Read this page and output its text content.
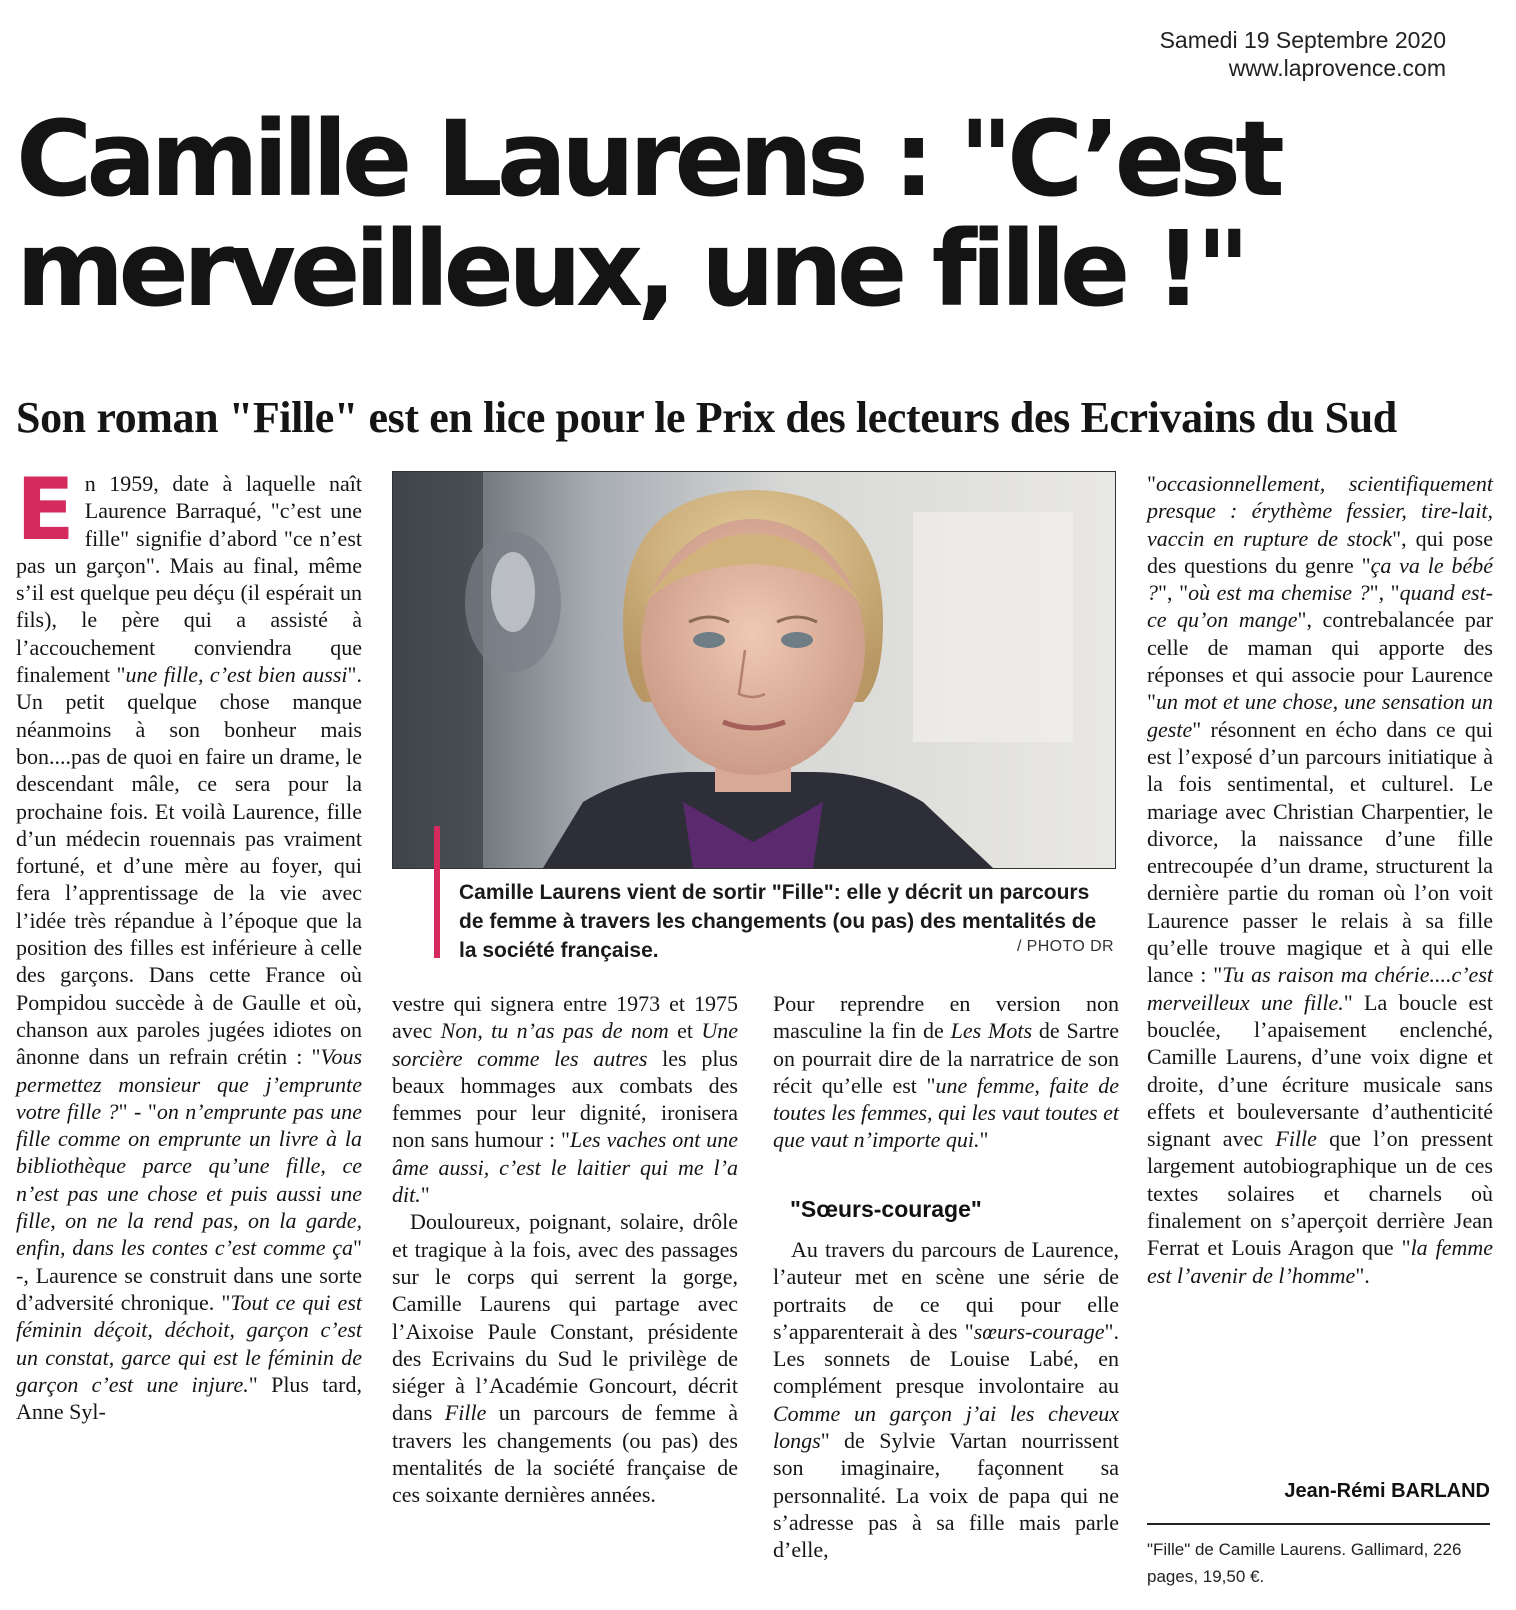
Samedi 19 Septembre 2020
www.laprovence.com
Camille Laurens : "C’est
merveilleux, une fille !"
Son roman "Fille" est en lice pour le Prix des lecteurs des Ecrivains du Sud

En 1959, date à laquelle naît Laurence Barraqué, "c’est une fille" signifie d’abord "ce n’est pas un garçon". Mais au final, même s’il est quelque peu déçu (il espérait un fils), le père qui a assisté à l’accouchement conviendra que finalement "une fille, c’est bien aussi". Un petit quelque chose manque néanmoins à son bonheur mais bon....pas de quoi en faire un drame, le descendant mâle, ce sera pour la prochaine fois. Et voilà Laurence, fille d’un médecin rouennais pas vraiment fortuné, et d’une mère au foyer, qui fera l’apprentissage de la vie avec l’idée très répandue à l’époque que la position des filles est inférieure à celle des garçons. Dans cette France où Pompidou succède à de Gaulle et où, chanson aux paroles jugées idiotes on ânonne dans un refrain crétin : "Vous permettez monsieur que j’emprunte votre fille ?" - "on n’emprunte pas une fille comme on emprunte un livre à la bibliothèque parce qu’une fille, ce n’est pas une chose et puis aussi une fille, on ne la rend pas, on la garde, enfin, dans les contes c’est comme ça" -, Laurence se construit dans une sorte d’adversité chronique. "Tout ce qui est féminin déçoit, déchoit, garçon c’est un constat, garce qui est le féminin de garçon c’est une injure." Plus tard, Anne Syl-

Camille Laurens vient de sortir "Fille": elle y décrit un parcours de femme à travers les changements (ou pas) des mentalités de la société française.	/ PHOTO DR

vestre qui signera entre 1973 et 1975 avec Non, tu n’as pas de nom et Une sorcière comme les autres les plus beaux hommages aux combats des femmes pour leur dignité, ironisera non sans humour : "Les vaches ont une âme aussi, c’est le laitier qui me l’a dit."

Douloureux, poignant, solaire, drôle et tragique à la fois, avec des passages sur le corps qui serrent la gorge, Camille Laurens qui partage avec l’Aixoise Paule Constant, présidente des Ecrivains du Sud le privilège de siéger à l’Académie Goncourt, décrit dans Fille un parcours de femme à travers les changements (ou pas) des mentalités de la société française de ces soixante dernières années.

Pour reprendre en version non masculine la fin de Les Mots de Sartre on pourrait dire de la narratrice de son récit qu’elle est "une femme, faite de toutes les femmes, qui les vaut toutes et que vaut n’importe qui."

"Sœurs-courage"

Au travers du parcours de Laurence, l’auteur met en scène une série de portraits de ce qui pour elle s’apparenterait à des "sœurs-courage". Les sonnets de Louise Labé, en complément presque involontaire au Comme un garçon j’ai les cheveux longs" de Sylvie Vartan nourrissent son imaginaire, façonnent sa personnalité. La voix de papa qui ne s’adresse pas à sa fille mais parle d’elle,

"occasionnellement, scientifiquement presque : érythème fessier, tire-lait, vaccin en rupture de stock", qui pose des questions du genre "ça va le bébé ?", "où est ma chemise ?", "quand est-ce qu’on mange", contrebalancée par celle de maman qui apporte des réponses et qui associe pour Laurence "un mot et une chose, une sensation un geste" résonnent en écho dans ce qui est l’exposé d’un parcours initiatique à la fois sentimental, et culturel. Le mariage avec Christian Charpentier, le divorce, la naissance d’une fille entrecoupée d’un drame, structurent la dernière partie du roman où l’on voit Laurence passer le relais à sa fille qu’elle trouve magique et à qui elle lance : "Tu as raison ma chérie....c’est merveilleux une fille." La boucle est bouclée, l’apaisement enclenché, Camille Laurens, d’une voix digne et droite, d’une écriture musicale sans effets et bouleversante d’authenticité signant avec Fille que l’on pressent largement autobiographique un de ces textes solaires et charnels où finalement on s’aperçoit derrière Jean Ferrat et Louis Aragon que "la femme est l’avenir de l’homme".

Jean-Rémi BARLAND

"Fille" de Camille Laurens. Gallimard, 226 pages, 19,50 €.
